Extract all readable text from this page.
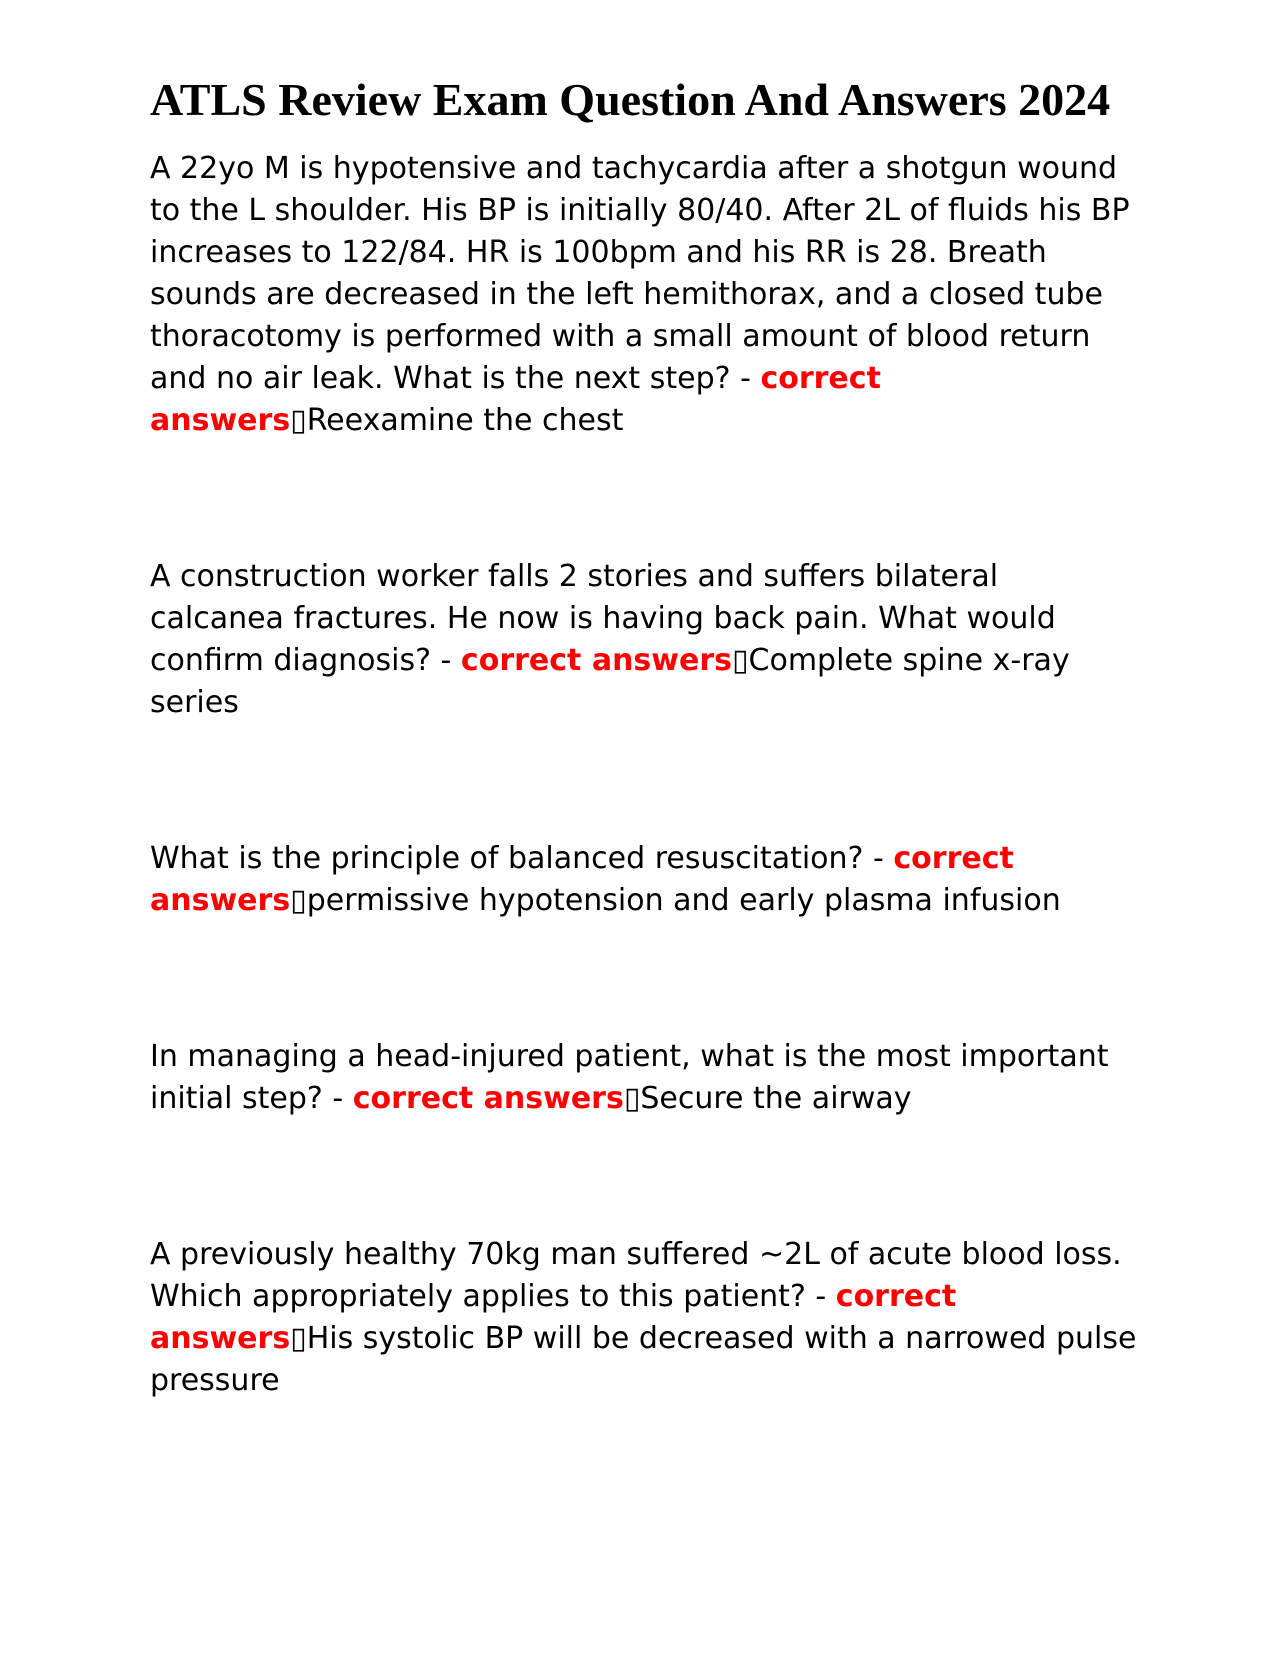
ATLS Review Exam Question And Answers 2024

A 22yo M is hypotensive and tachycardia after a shotgun wound to the L shoulder. His BP is initially 80/40. After 2L of fluids his BP increases to 122/84. HR is 100bpm and his RR is 28. Breath sounds are decreased in the left hemithorax, and a closed tube thoracotomy is performed with a small amount of blood return and no air leak. What is the next step? - correct answers▯Reexamine the chest

A construction worker falls 2 stories and suffers bilateral calcanea fractures. He now is having back pain. What would confirm diagnosis? - correct answers▯Complete spine x-ray series

What is the principle of balanced resuscitation? - correct answers▯permissive hypotension and early plasma infusion

In managing a head-injured patient, what is the most important initial step? - correct answers▯Secure the airway

A previously healthy 70kg man suffered ~2L of acute blood loss. Which appropriately applies to this patient? - correct answers▯His systolic BP will be decreased with a narrowed pulse pressure
